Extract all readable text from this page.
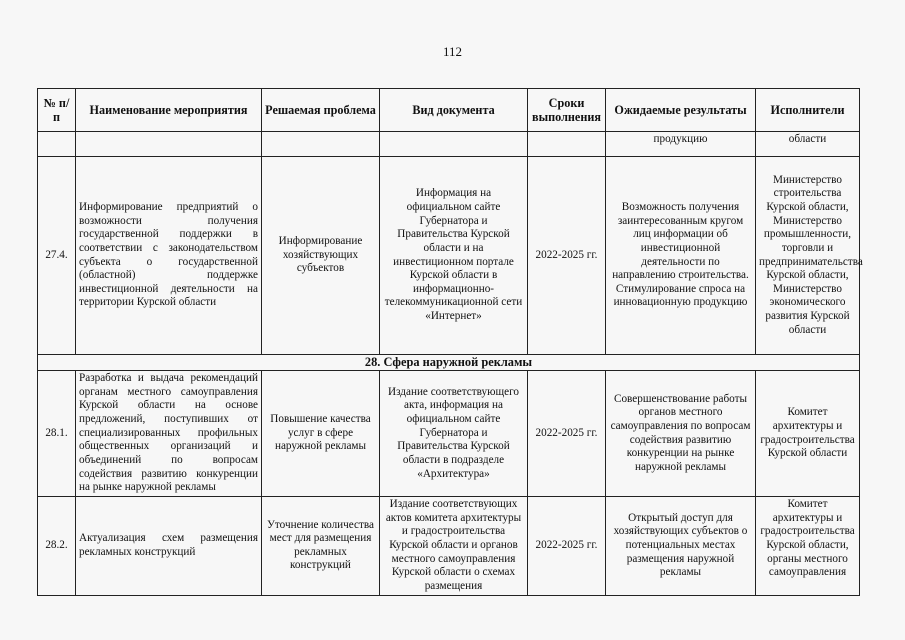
112
№ п/п	Наименование мероприятия	Решаемая проблема	Вид документа	Сроки выполнения	Ожидаемые результаты	Исполнители
					продукцию	области
27.4.	Информирование предприятий о возможности получения государственной поддержки в соответствии с законодательством субъекта о государственной (областной) поддержке инвестиционной деятельности на территории Курской области	Информирование хозяйствующих субъектов	Информация на официальном сайте Губернатора и Правительства Курской области и на инвестиционном портале Курской области в информационно-телекоммуникационной сети «Интернет»	2022-2025 гг.	Возможность получения заинтересованным кругом лиц информации об инвестиционной деятельности по направлению строительства. Стимулирование спроса на инновационную продукцию	Министерство строительства Курской области, Министерство промышленности, торговли и предпринимательства Курской области, Министерство экономического развития Курской области
28. Сфера наружной рекламы						
28.1.	Разработка и выдача рекомендаций органам местного самоуправления Курской области на основе предложений, поступивших от специализированных профильных общественных организаций и объединений по вопросам содействия развитию конкуренции на рынке наружной рекламы	Повышение качества услуг в сфере наружной рекламы	Издание соответствующего акта, информация на официальном сайте Губернатора и Правительства Курской области в подразделе «Архитектура»	2022-2025 гг.	Совершенствование работы органов местного самоуправления по вопросам содействия развитию конкуренции на рынке наружной рекламы	Комитет архитектуры и градостроительства Курской области
28.2.	Актуализация схем размещения рекламных конструкций	Уточнение количества мест для размещения рекламных конструкций	Издание соответствующих актов комитета архитектуры и градостроительства Курской области и органов местного самоуправления Курской области о схемах размещения	2022-2025 гг.	Открытый доступ для хозяйствующих субъектов о потенциальных местах размещения наружной рекламы	Комитет архитектуры и градостроительства Курской области, органы местного самоуправления
